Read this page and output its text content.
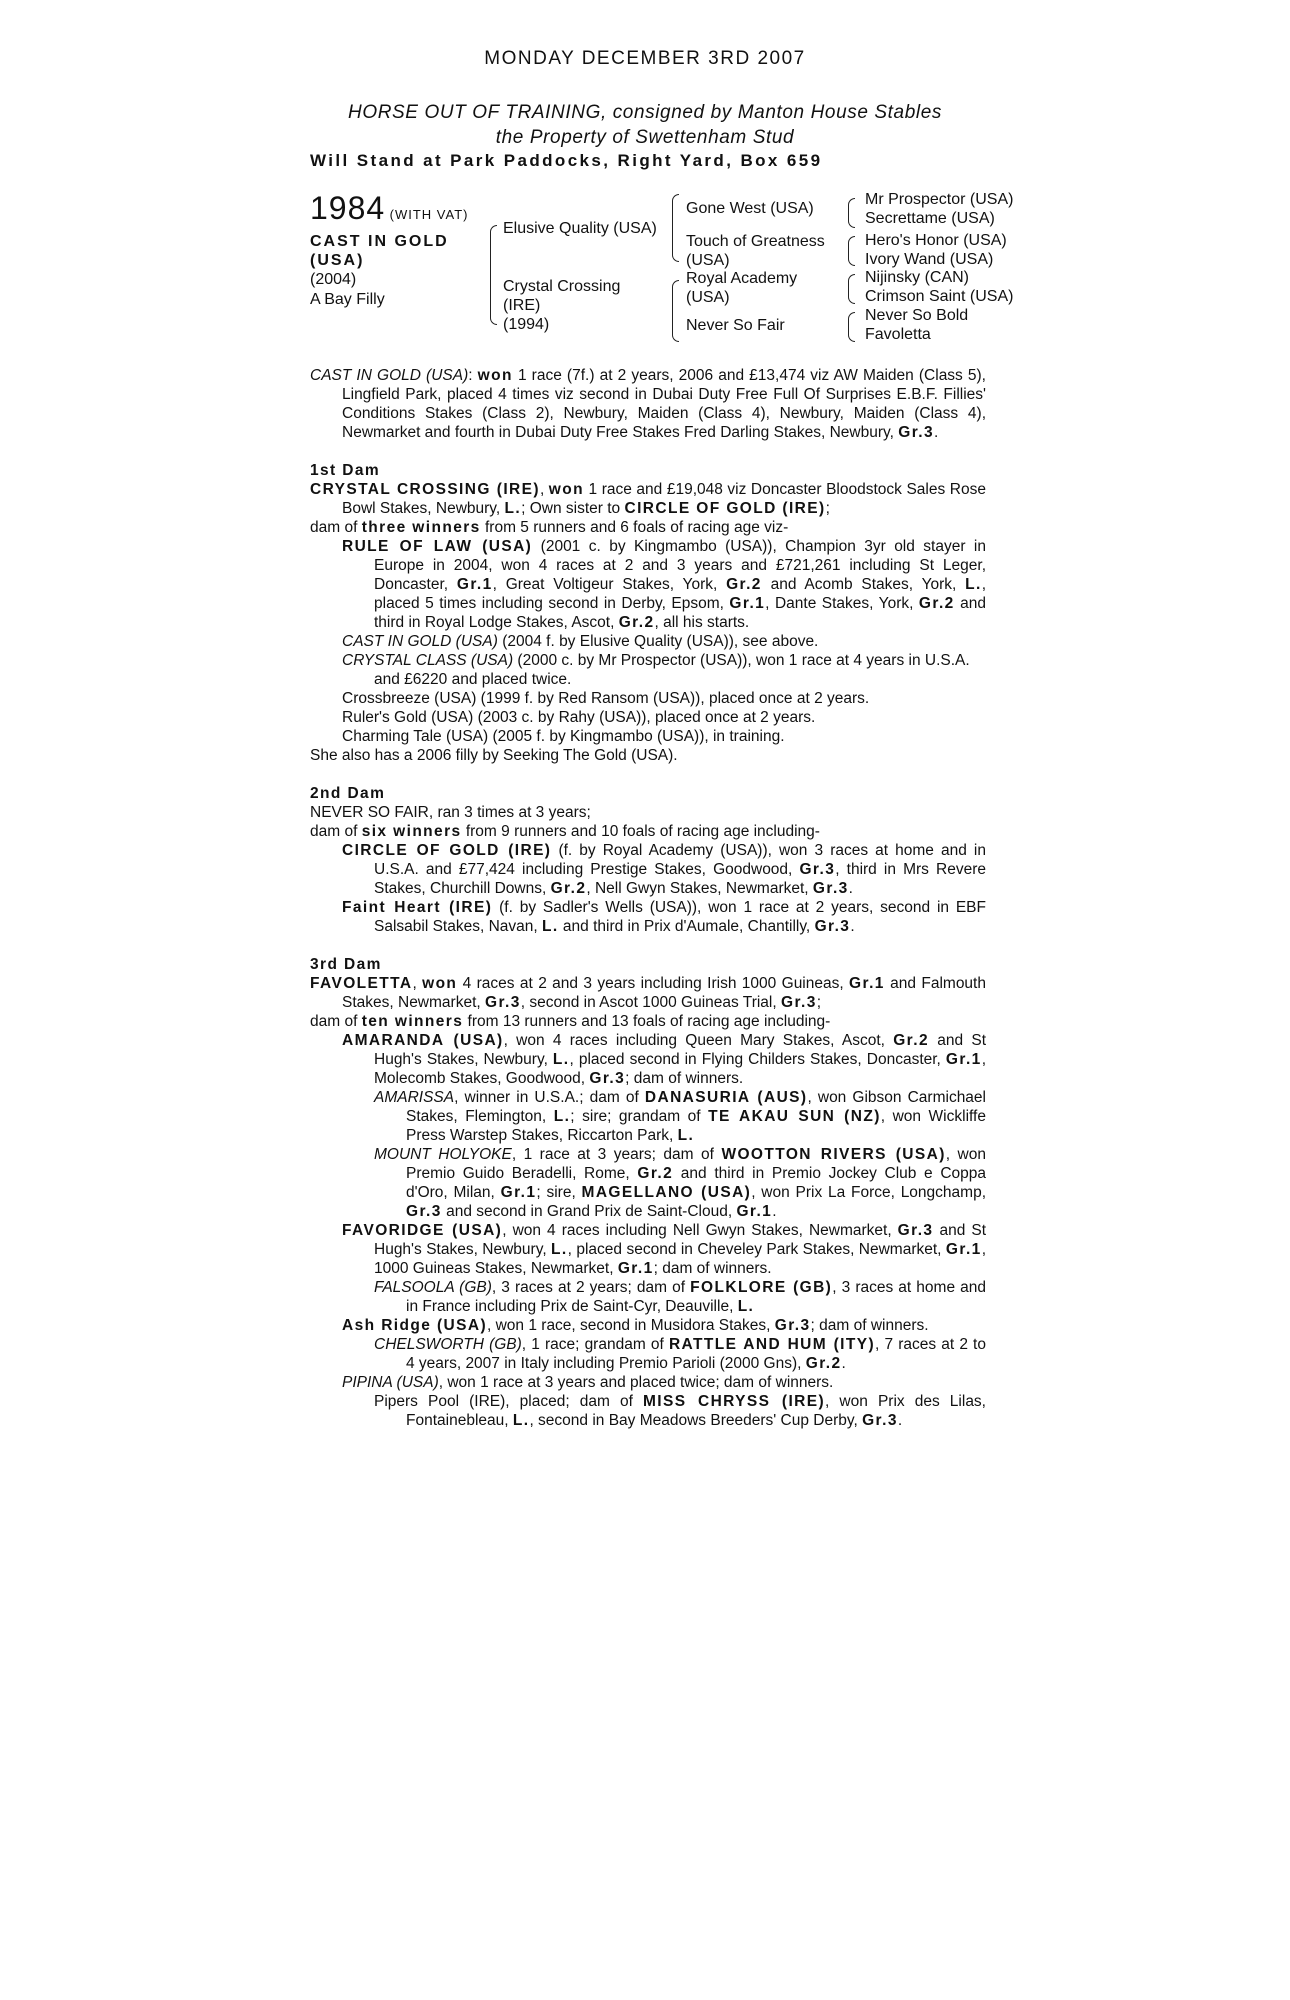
MONDAY DECEMBER 3RD 2007
HORSE OUT OF TRAINING, consigned by Manton House Stables
the Property of Swettenham Stud
Will Stand at Park Paddocks, Right Yard, Box 659
1984 (WITH VAT)
CAST IN GOLD
(USA)
(2004)
A Bay Filly
Elusive Quality (USA)
Crystal Crossing
(IRE)
(1994)
Gone West (USA)
Touch of Greatness
(USA)
Royal Academy
(USA)
Never So Fair
Mr Prospector (USA)
Secrettame (USA)
Hero's Honor (USA)
Ivory Wand (USA)
Nijinsky (CAN)
Crimson Saint (USA)
Never So Bold
Favoletta

CAST IN GOLD (USA): won 1 race (7f.) at 2 years, 2006 and £13,474 viz AW Maiden (Class 5), Lingfield Park, placed 4 times viz second in Dubai Duty Free Full Of Surprises E.B.F. Fillies' Conditions Stakes (Class 2), Newbury, Maiden (Class 4), Newbury, Maiden (Class 4), Newmarket and fourth in Dubai Duty Free Stakes Fred Darling Stakes, Newbury, Gr.3.

1st Dam

CRYSTAL CROSSING (IRE), won 1 race and £19,048 viz Doncaster Bloodstock Sales Rose Bowl Stakes, Newbury, L.; Own sister to CIRCLE OF GOLD (IRE);

dam of three winners from 5 runners and 6 foals of racing age viz-

RULE OF LAW (USA) (2001 c. by Kingmambo (USA)), Champion 3yr old stayer in Europe in 2004, won 4 races at 2 and 3 years and £721,261 including St Leger, Doncaster, Gr.1, Great Voltigeur Stakes, York, Gr.2 and Acomb Stakes, York, L., placed 5 times including second in Derby, Epsom, Gr.1, Dante Stakes, York, Gr.2 and third in Royal Lodge Stakes, Ascot, Gr.2, all his starts.

CAST IN GOLD (USA) (2004 f. by Elusive Quality (USA)), see above.

CRYSTAL CLASS (USA) (2000 c. by Mr Prospector (USA)), won 1 race at 4 years in U.S.A. and £6220 and placed twice.

Crossbreeze (USA) (1999 f. by Red Ransom (USA)), placed once at 2 years.

Ruler's Gold (USA) (2003 c. by Rahy (USA)), placed once at 2 years.

Charming Tale (USA) (2005 f. by Kingmambo (USA)), in training.

She also has a 2006 filly by Seeking The Gold (USA).

2nd Dam

NEVER SO FAIR, ran 3 times at 3 years;

dam of six winners from 9 runners and 10 foals of racing age including-

CIRCLE OF GOLD (IRE) (f. by Royal Academy (USA)), won 3 races at home and in U.S.A. and £77,424 including Prestige Stakes, Goodwood, Gr.3, third in Mrs Revere Stakes, Churchill Downs, Gr.2, Nell Gwyn Stakes, Newmarket, Gr.3.

Faint Heart (IRE) (f. by Sadler's Wells (USA)), won 1 race at 2 years, second in EBF Salsabil Stakes, Navan, L. and third in Prix d'Aumale, Chantilly, Gr.3.

3rd Dam

FAVOLETTA, won 4 races at 2 and 3 years including Irish 1000 Guineas, Gr.1 and Falmouth Stakes, Newmarket, Gr.3, second in Ascot 1000 Guineas Trial, Gr.3;

dam of ten winners from 13 runners and 13 foals of racing age including-

AMARANDA (USA), won 4 races including Queen Mary Stakes, Ascot, Gr.2 and St Hugh's Stakes, Newbury, L., placed second in Flying Childers Stakes, Doncaster, Gr.1, Molecomb Stakes, Goodwood, Gr.3; dam of winners.

AMARISSA, winner in U.S.A.; dam of DANASURIA (AUS), won Gibson Carmichael Stakes, Flemington, L.; sire; grandam of TE AKAU SUN (NZ), won Wickliffe Press Warstep Stakes, Riccarton Park, L.

MOUNT HOLYOKE, 1 race at 3 years; dam of WOOTTON RIVERS (USA), won Premio Guido Beradelli, Rome, Gr.2 and third in Premio Jockey Club e Coppa d'Oro, Milan, Gr.1; sire, MAGELLANO (USA), won Prix La Force, Longchamp, Gr.3 and second in Grand Prix de Saint-Cloud, Gr.1.

FAVORIDGE (USA), won 4 races including Nell Gwyn Stakes, Newmarket, Gr.3 and St Hugh's Stakes, Newbury, L., placed second in Cheveley Park Stakes, Newmarket, Gr.1, 1000 Guineas Stakes, Newmarket, Gr.1; dam of winners.

FALSOOLA (GB), 3 races at 2 years; dam of FOLKLORE (GB), 3 races at home and in France including Prix de Saint-Cyr, Deauville, L.

Ash Ridge (USA), won 1 race, second in Musidora Stakes, Gr.3; dam of winners.

CHELSWORTH (GB), 1 race; grandam of RATTLE AND HUM (ITY), 7 races at 2 to 4 years, 2007 in Italy including Premio Parioli (2000 Gns), Gr.2.

PIPINA (USA), won 1 race at 3 years and placed twice; dam of winners.

Pipers Pool (IRE), placed; dam of MISS CHRYSS (IRE), won Prix des Lilas, Fontainebleau, L., second in Bay Meadows Breeders' Cup Derby, Gr.3.
